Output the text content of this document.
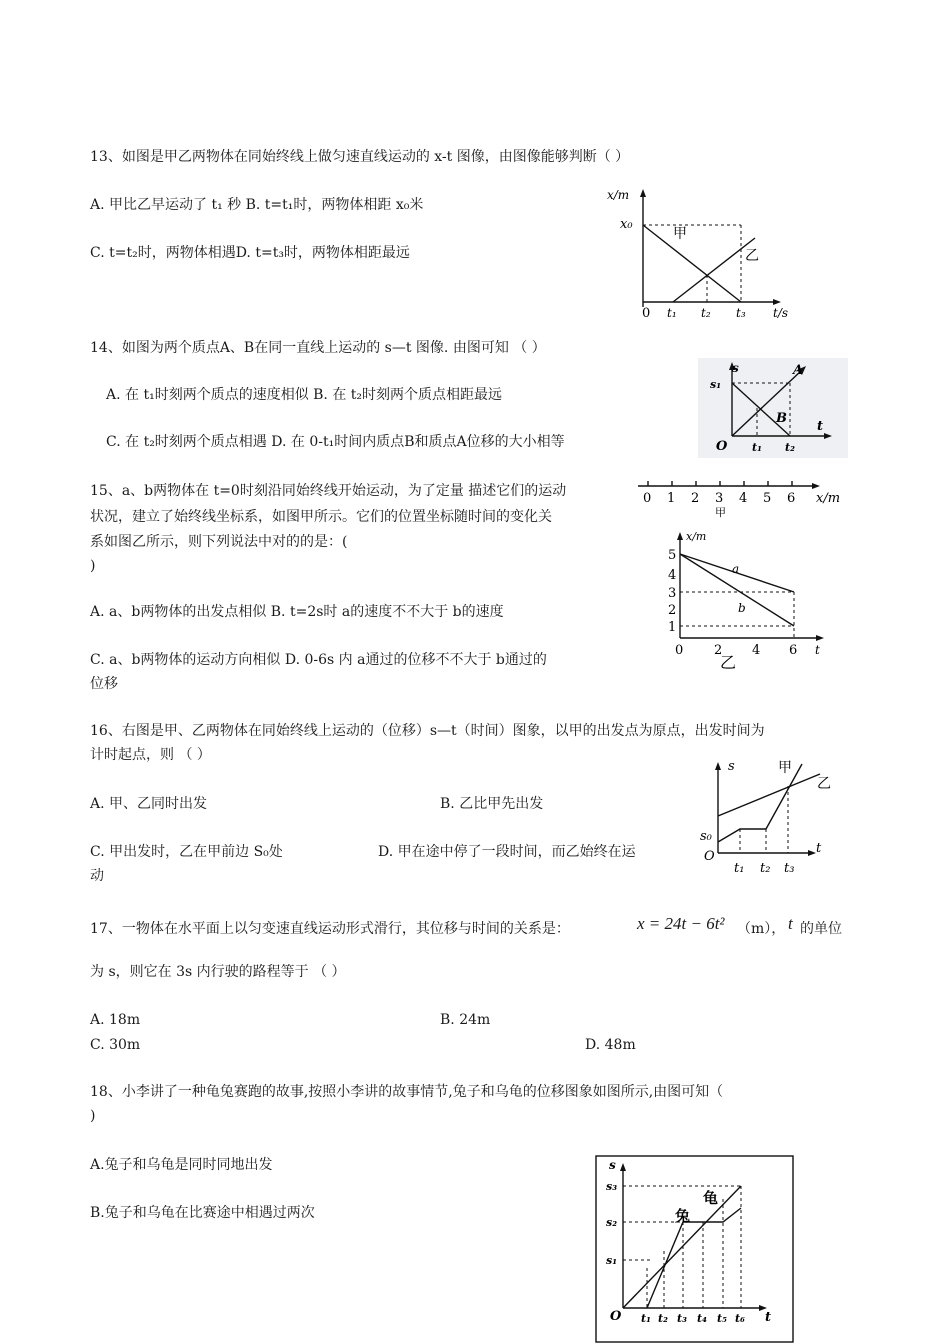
13、如图是甲乙两物体在同始终线上做匀速直线运动的 x-t 图像，由图像能够判断（ ）
A. 甲比乙早运动了 t₁ 秒 B. t=t₁时，两物体相距 x₀米
C. t=t₂时，两物体相遇D. t=t₃时，两物体相距最远
x/m
x₀
甲
乙
0 t₁ t₂ t₃ t/s
14、如图为两个质点A、B在同一直线上运动的 s—t 图像. 由图可知 （ ）
A. 在 t₁时刻两个质点的速度相似 B. 在 t₂时刻两个质点相距最远
C. 在 t₂时刻两个质点相遇 D. 在 0-t₁时间内质点B和质点A位移的大小相等
s
s₁
A
B
O t₁ t₂
t
15、a、b两物体在 t=0时刻沿同始终线开始运动，为了定量 描述它们的运动
状况，建立了始终线坐标系，如图甲所示。它们的位置坐标随时间的变化关
系如图乙所示，则下列说法中对的的是：(
)
A. a、b两物体的出发点相似 B. t=2s时 a的速度不不大于 b的速度
C. a、b两物体的运动方向相似 D. 0-6s 内 a通过的位移不不大于 b通过的
位移
0 1 2 3 4 5 6 x/m
甲
x/m
5
4
3
2
1
0 2 4 6
a
b
t
乙
16、右图是甲、乙两物体在同始终线上运动的（位移）s—t（时间）图象，以甲的出发点为原点，出发时间为
计时起点，则 （ ）
A. 甲、乙同时出发	B. 乙比甲先出发
C. 甲出发时，乙在甲前边 S₀处	D. 甲在途中停了一段时间，而乙始终在运
动
s	甲
乙
s₀
O
t₁ t₂ t₃
t
17、一物体在水平面上以匀变速直线运动形式滑行，其位移与时间的关系是：	x = 24t − 6t² （m）， t 的单位
为 s，则它在 3s 内行驶的路程等于 （ ）
A. 18m	B. 24m
C. 30m	D. 48m
18、小李讲了一种龟兔赛跑的故事,按照小李讲的故事情节,兔子和乌龟的位移图象如图所示,由图可知（
)
A.兔子和乌龟是同时同地出发
B.兔子和乌龟在比赛途中相遇过两次
s
s₃
s₂
s₁
龟
兔
O t₁ t₂ t₃ t₄ t₅ t₆ t
